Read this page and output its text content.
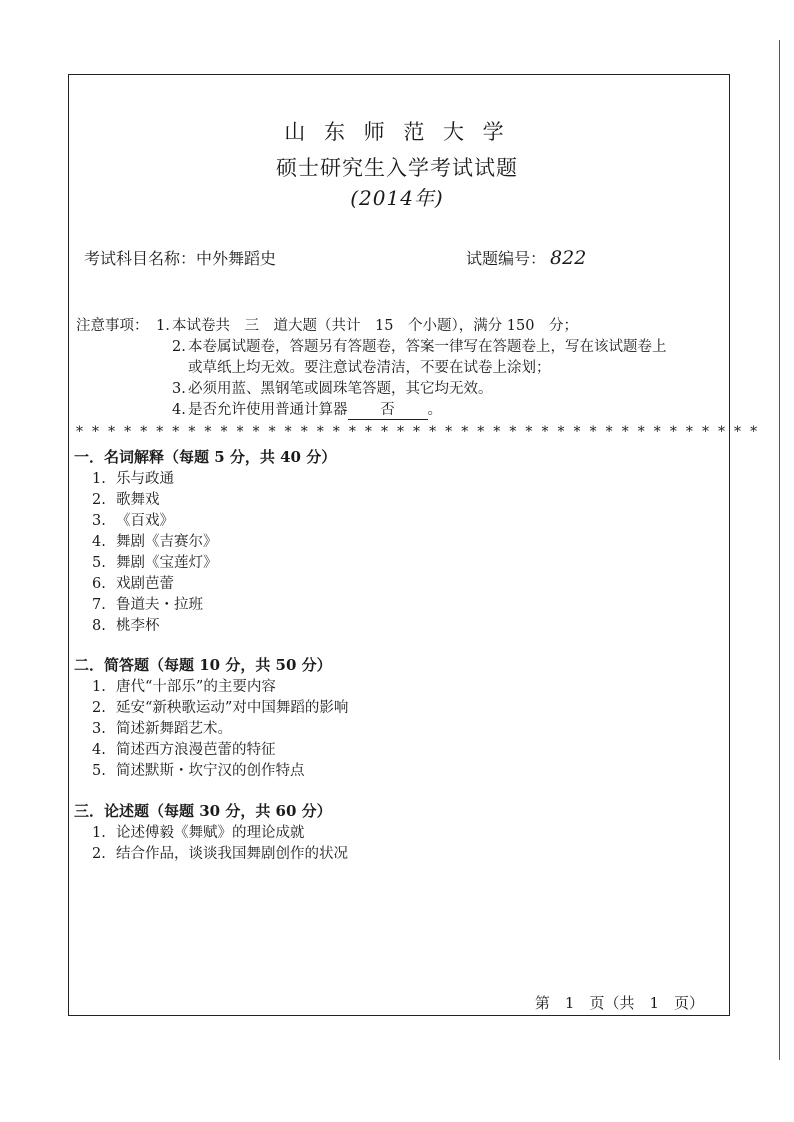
山 东 师 范 大 学
硕士研究生入学考试试题
(2014年)
考试科目名称：中外舞蹈史	试题编号： 822
注意事项： 1. 本试卷共　三　道大题（共计　15　个小题），满分 150　分；
2. 本卷属试题卷，答题另有答题卷，答案一律写在答题卷上，写在该试题卷上
或草纸上均无效。要注意试卷清洁，不要在试卷上涂划；
3. 必须用蓝、黑钢笔或圆珠笔答题，其它均无效。
4. 是否允许使用普通计算器 否 。
* * * * * * * * * * * * * * * * * * * * * * * * * * * * * * * * * * * * * * * * * * *
一．名词解释（每题 5 分，共 40 分）
1. 乐与政通
2. 歌舞戏
3. 《百戏》
4. 舞剧《吉赛尔》
5. 舞剧《宝莲灯》
6. 戏剧芭蕾
7. 鲁道夫・拉班
8. 桃李杯
二．简答题（每题 10 分，共 50 分）
1. 唐代“十部乐”的主要内容
2. 延安“新秧歌运动”对中国舞蹈的影响
3. 简述新舞蹈艺术。
4. 简述西方浪漫芭蕾的特征
5. 简述默斯・坎宁汉的创作特点
三．论述题（每题 30 分，共 60 分）
1. 论述傅毅《舞赋》的理论成就
2. 结合作品，谈谈我国舞剧创作的状况
第　1　页（共　1　页）
